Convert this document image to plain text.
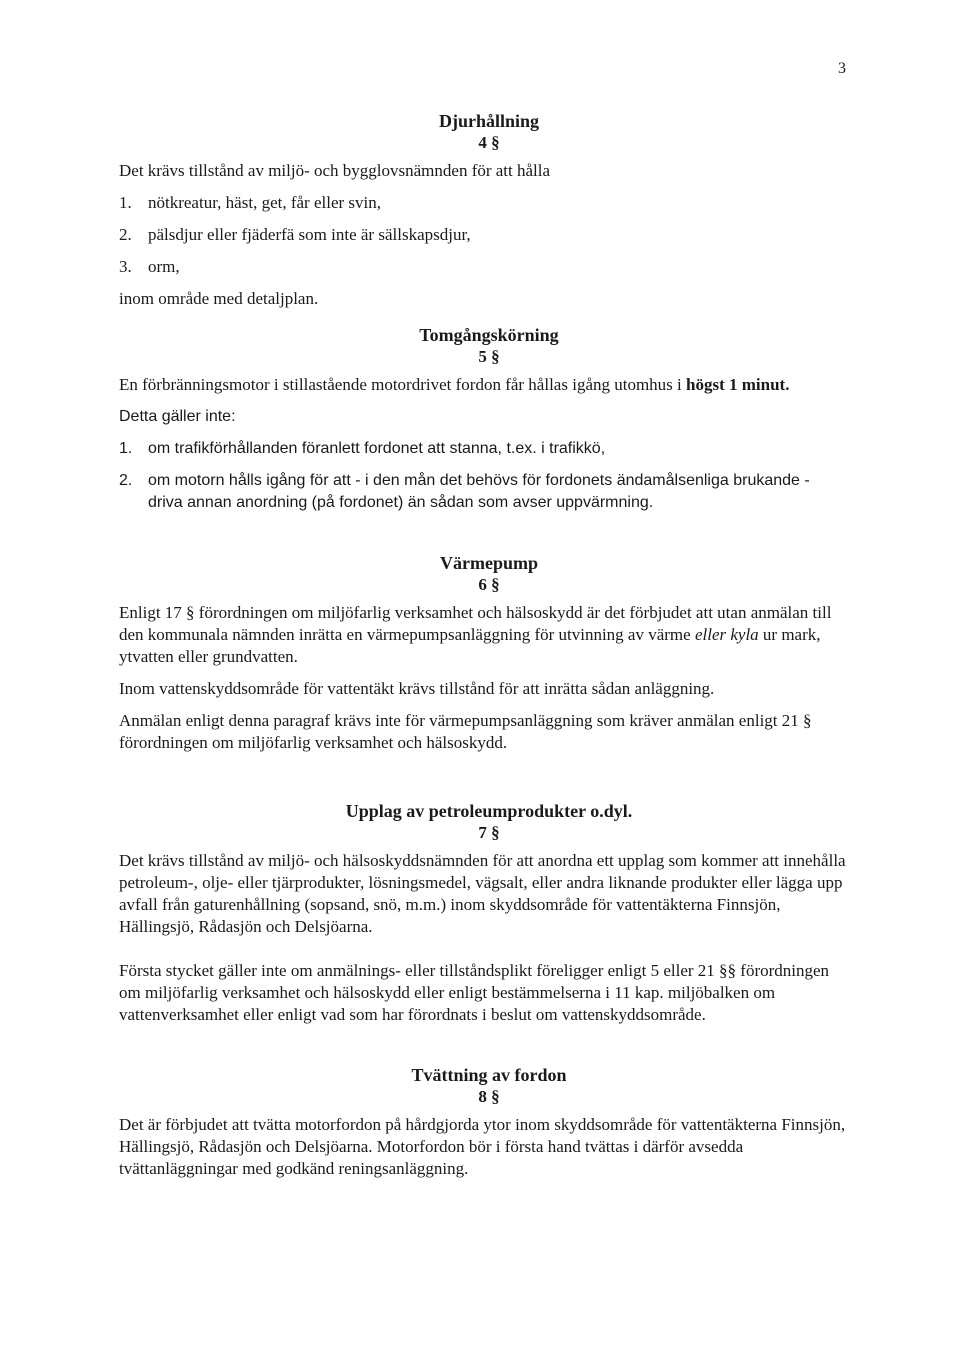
3
Djurhållning
4 §

Det krävs tillstånd av miljö- och bygglovsnämnden för att hålla

1. nötkreatur, häst, get, får eller svin,
2. pälsdjur eller fjäderfä som inte är sällskapsdjur,
3. orm,

inom område med detaljplan.

Tomgångskörning
5 §

En förbränningsmotor i stillastående motordrivet fordon får hållas igång utomhus i högst 1 minut.

Detta gäller inte:

1. om trafikförhållanden föranlett fordonet att stanna, t.ex. i trafikkö,
2. om motorn hålls igång för att - i den mån det behövs för fordonets ändamålsenliga brukande - driva annan anordning (på fordonet) än sådan som avser uppvärmning.
Värmepump
6 §

Enligt 17 § förordningen om miljöfarlig verksamhet och hälsoskydd är det förbjudet att utan anmälan till den kommunala nämnden inrätta en värmepumpsanläggning för utvinning av värme eller kyla ur mark, ytvatten eller grundvatten.

Inom vattenskyddsområde för vattentäkt krävs tillstånd för att inrätta sådan anläggning.

Anmälan enligt denna paragraf krävs inte för värmepumpsanläggning som kräver anmälan enligt 21 § förordningen om miljöfarlig verksamhet och hälsoskydd.

Upplag av petroleumprodukter o.dyl.
7 §

Det krävs tillstånd av miljö- och hälsoskyddsnämnden för att anordna ett upplag som kommer att innehålla petroleum-, olje- eller tjärprodukter, lösningsmedel, vägsalt, eller andra liknande produkter eller lägga upp avfall från gaturenhållning (sopsand, snö, m.m.) inom skyddsområde för vattentäkterna Finnsjön, Hällingsjö, Rådasjön och Delsjöarna.

Första stycket gäller inte om anmälnings- eller tillståndsplikt föreligger enligt 5 eller 21 §§ förordningen om miljöfarlig verksamhet och hälsoskydd eller enligt bestämmelserna i 11 kap. miljöbalken om vattenverksamhet eller enligt vad som har förordnats i beslut om vattenskyddsområde.

Tvättning av fordon
8 §

Det är förbjudet att tvätta motorfordon på hårdgjorda ytor inom skyddsområde för vattentäkterna Finnsjön, Hällingsjö, Rådasjön och Delsjöarna. Motorfordon bör i första hand tvättas i därför avsedda tvättanläggningar med godkänd reningsanläggning.
